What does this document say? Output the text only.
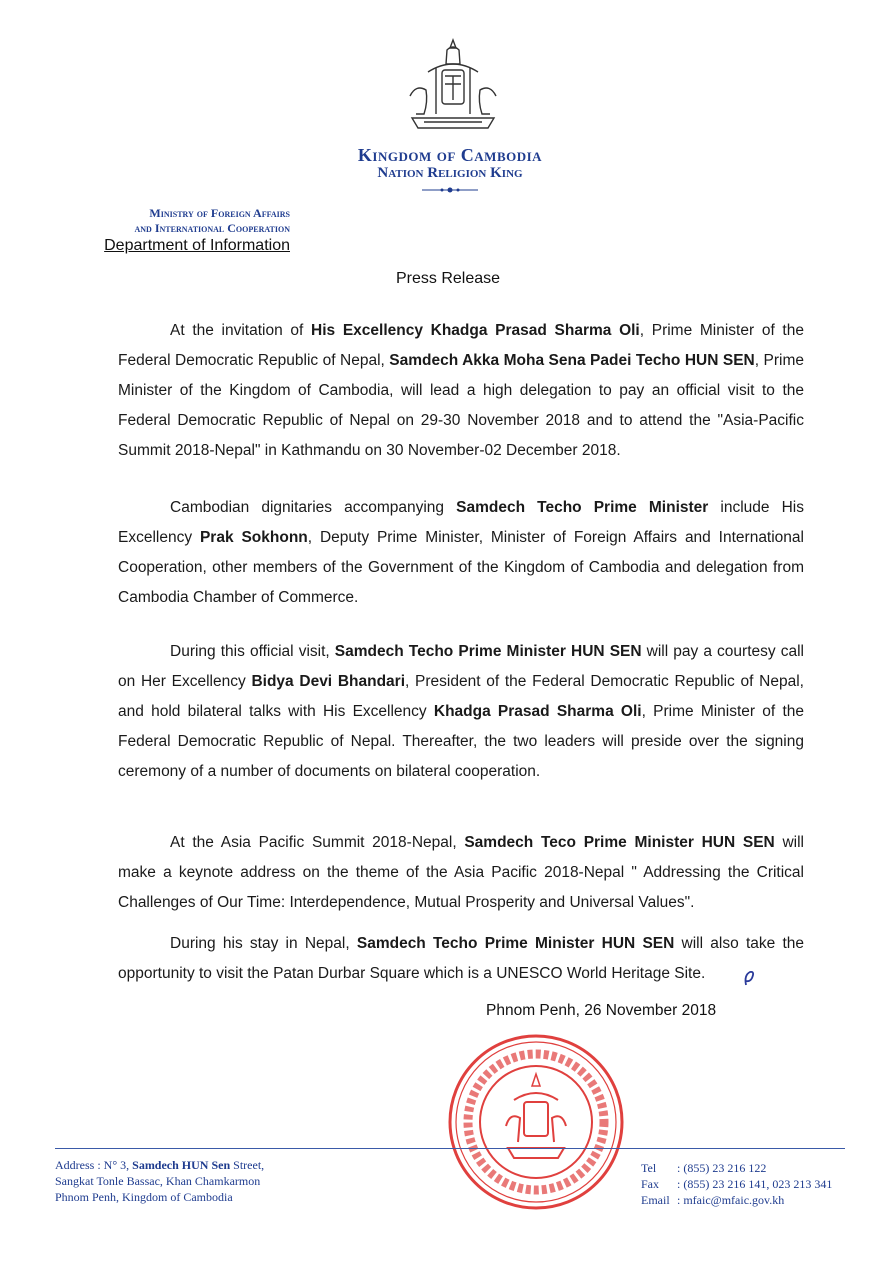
Kingdom of Cambodia
Nation Religion King
Ministry of Foreign Affairs
and International Cooperation
Department of Information
Press Release
At the invitation of His Excellency Khadga Prasad Sharma Oli, Prime Minister of the Federal Democratic Republic of Nepal, Samdech Akka Moha Sena Padei Techo HUN SEN, Prime Minister of the Kingdom of Cambodia, will lead a high delegation to pay an official visit to the Federal Democratic Republic of Nepal on 29-30 November 2018 and to attend the "Asia-Pacific Summit 2018-Nepal" in Kathmandu on 30 November-02 December 2018.
Cambodian dignitaries accompanying Samdech Techo Prime Minister include His Excellency Prak Sokhonn, Deputy Prime Minister, Minister of Foreign Affairs and International Cooperation, other members of the Government of the Kingdom of Cambodia and delegation from Cambodia Chamber of Commerce.
During this official visit, Samdech Techo Prime Minister HUN SEN will pay a courtesy call on Her Excellency Bidya Devi Bhandari, President of the Federal Democratic Republic of Nepal, and hold bilateral talks with His Excellency Khadga Prasad Sharma Oli, Prime Minister of the Federal Democratic Republic of Nepal. Thereafter, the two leaders will preside over the signing ceremony of a number of documents on bilateral cooperation.
At the Asia Pacific Summit 2018-Nepal, Samdech Teco Prime Minister HUN SEN will make a keynote address on the theme of the Asia Pacific 2018-Nepal " Addressing the Critical Challenges of Our Time: Interdependence, Mutual Prosperity and Universal Values".
During his stay in Nepal, Samdech Techo Prime Minister HUN SEN will also take the opportunity to visit the Patan Durbar Square which is a UNESCO World Heritage Site.
Phnom Penh, 26 November 2018
Address : N° 3, Samdech HUN Sen Street,
Sangkat Tonle Bassac, Khan Chamkarmon
Phnom Penh, Kingdom of Cambodia
Tel : (855) 23 216 122
Fax : (855) 23 216 141, 023 213 341
Email : mfaic@mfaic.gov.kh
